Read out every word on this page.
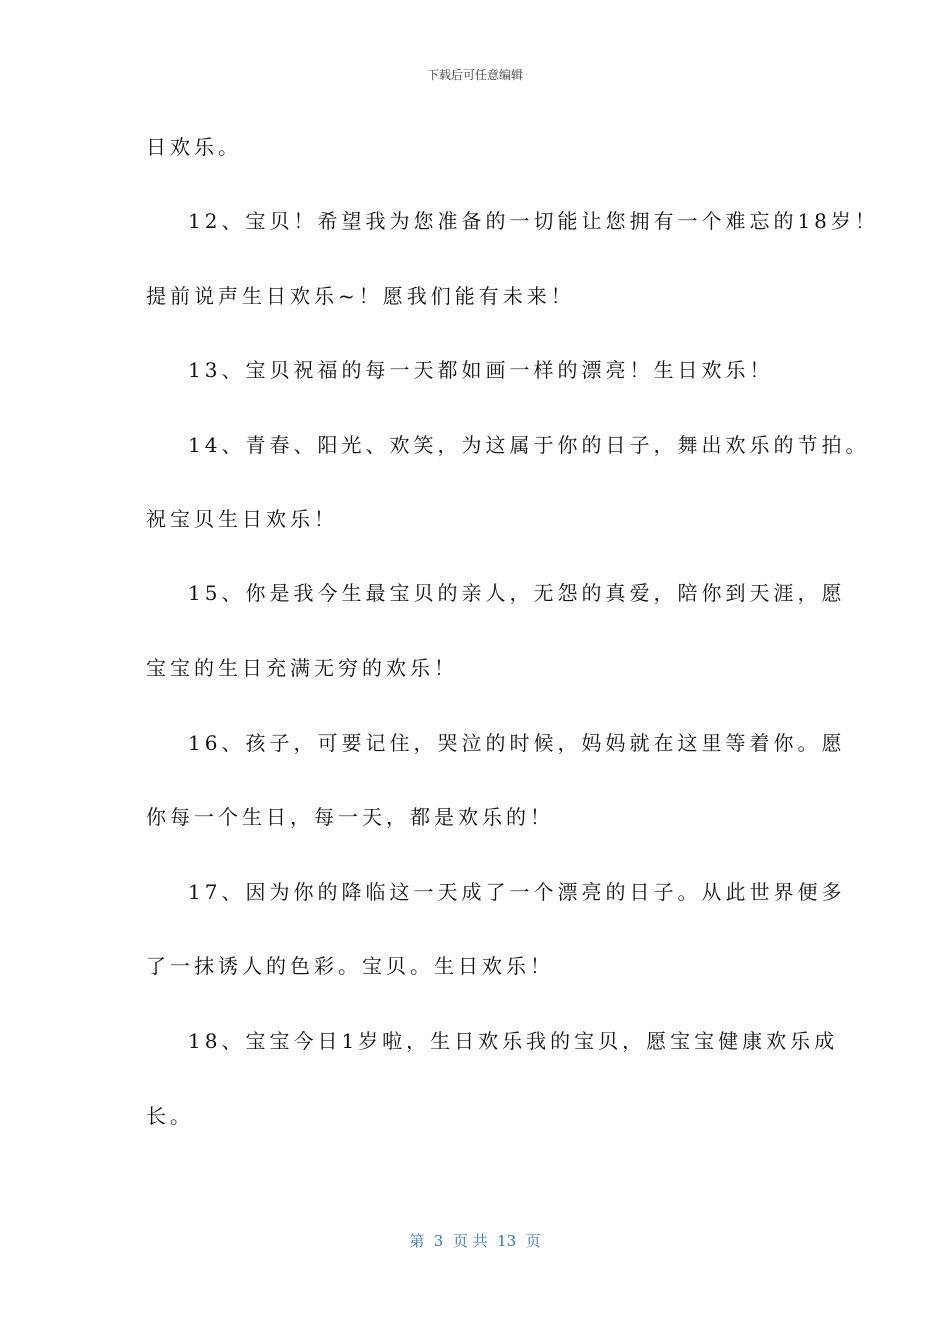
下载后可任意编辑
日欢乐。
12、宝贝！希望我为您准备的一切能让您拥有一个难忘的18岁！
提前说声生日欢乐~！愿我们能有未来！
13、宝贝祝福的每一天都如画一样的漂亮！生日欢乐！
14、青春、阳光、欢笑，为这属于你的日子，舞出欢乐的节拍。
祝宝贝生日欢乐！
15、你是我今生最宝贝的亲人，无怨的真爱，陪你到天涯，愿
宝宝的生日充满无穷的欢乐！
16、孩子，可要记住，哭泣的时候，妈妈就在这里等着你。愿
你每一个生日，每一天，都是欢乐的！
17、因为你的降临这一天成了一个漂亮的日子。从此世界便多
了一抹诱人的色彩。宝贝。生日欢乐！
18、宝宝今日1岁啦，生日欢乐我的宝贝，愿宝宝健康欢乐成
长。
第  3  页 共  13  页
